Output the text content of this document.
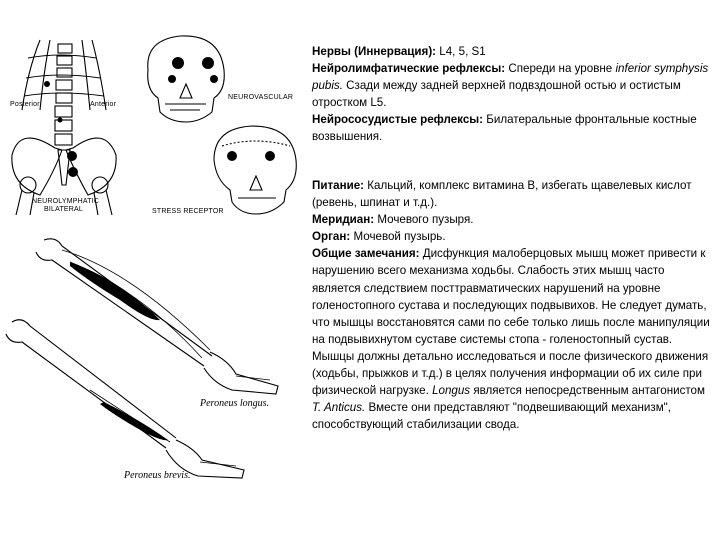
Posterior	Anterior
NEUROLYMPHATIC
BILATERAL
NEUROVASCULAR
STRESS RECEPTOR
Peroneus longus.
Peroneus brevis.

Нервы (Иннервация): L4, 5, S1

Нейролимфатические рефлексы: Спереди на уровне inferior symphysis pubis. Сзади между задней верхней подвздошной остью и остистым отростком L5.

Нейрососудистые рефлексы: Билатеральные фронтальные костные возвышения.

Питание: Кальций, комплекс витамина B, избегать щавелевых кислот (ревень, шпинат и т.д.).

Меридиан: Мочевого пузыря.

Орган: Мочевой пузырь.

Общие замечания: Дисфункция малоберцовых мышц может привести к нарушению всего механизма ходьбы. Слабость этих мышц часто является следствием посттравматических нарушений на уровне голеностопного сустава и последующих подвывихов. Не следует думать, что мышцы восстановятся сами по себе только лишь после манипуляции на подвывихнутом суставе системы стопа - голеностопный сустав. Мышцы должны детально исследоваться и после физического движения (ходьбы, прыжков и т.д.) в целях получения информации об их силе при физической нагрузке. Longus является непосредственным антагонистом T. Anticus. Вместе они представляют "подвешивающий механизм", способствующий стабилизации свода.
